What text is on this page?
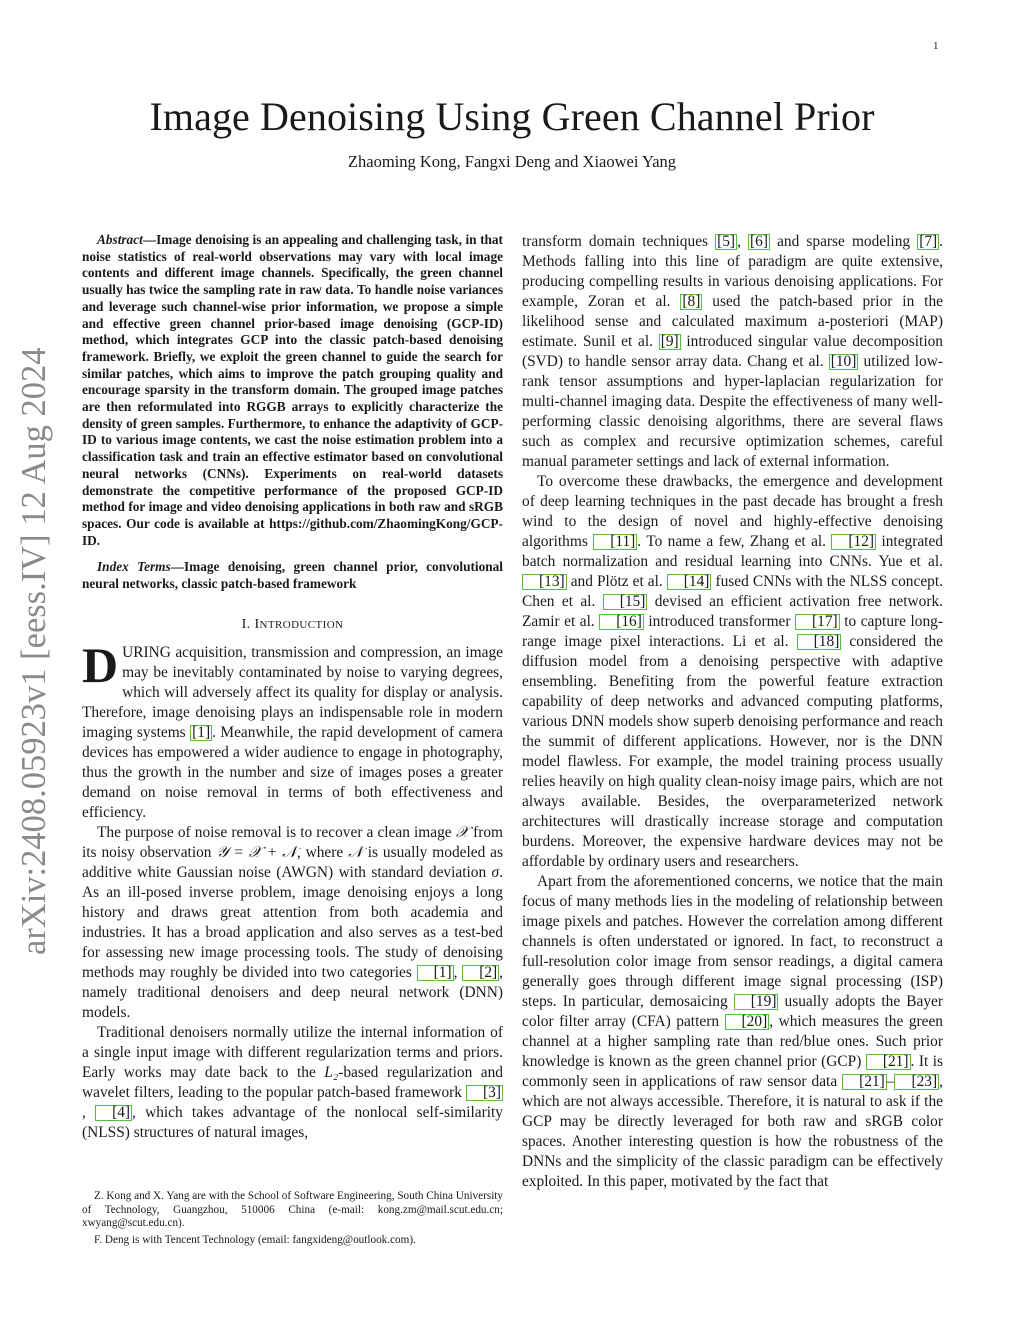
1
Image Denoising Using Green Channel Prior
Zhaoming Kong, Fangxi Deng and Xiaowei Yang
arXiv:2408.05923v1 [eess.IV] 12 Aug 2024

Abstract—Image denoising is an appealing and challenging task, in that noise statistics of real-world observations may vary with local image contents and different image channels. Specifically, the green channel usually has twice the sampling rate in raw data. To handle noise variances and leverage such channel-wise prior information, we propose a simple and effective green channel prior-based image denoising (GCP-ID) method, which integrates GCP into the classic patch-based denoising framework. Briefly, we exploit the green channel to guide the search for similar patches, which aims to improve the patch grouping quality and encourage sparsity in the transform domain. The grouped image patches are then reformulated into RGGB arrays to explicitly characterize the density of green samples. Furthermore, to enhance the adaptivity of GCP-ID to various image contents, we cast the noise estimation problem into a classification task and train an effective estimator based on convolutional neural networks (CNNs). Experiments on real-world datasets demonstrate the competitive performance of the proposed GCP-ID method for image and video denoising applications in both raw and sRGB spaces. Our code is available at https://github.com/ZhaomingKong/GCP-ID.

Index Terms—Image denoising, green channel prior, convolutional neural networks, classic patch-based framework

I. INTRODUCTION

DURING acquisition, transmission and compression, an image may be inevitably contaminated by noise to varying degrees, which will adversely affect its quality for display or analysis. Therefore, image denoising plays an indispensable role in modern imaging systems [1] . Meanwhile, the rapid development of camera devices has empowered a wider audience to engage in photography, thus the growth in the number and size of images poses a greater demand on noise removal in terms of both effectiveness and efficiency.

The purpose of noise removal is to recover a clean image 𝒳 from its noisy observation 𝒴 = 𝒳 + 𝒩, where 𝒩 is usually modeled as additive white Gaussian noise (AWGN) with standard deviation σ. As an ill-posed inverse problem, image denoising enjoys a long history and draws great attention from both academia and industries. It has a broad application and also serves as a test-bed for assessing new image processing tools. The study of denoising methods may roughly be divided into two categories [1] , [2] , namely traditional denoisers and deep neural network (DNN) models.

Traditional denoisers normally utilize the internal information of a single input image with different regularization terms and priors. Early works may date back to the L₂-based regularization and wavelet filters, leading to the popular patch-based framework [3], [4] , which takes advantage of the nonlocal self-similarity (NLSS) structures of natural images,

Z. Kong and X. Yang are with the School of Software Engineering, South China University of Technology, Guangzhou, 510006 China (e-mail: kong.zm@mail.scut.edu.cn; xwyang@scut.edu.cn).

F. Deng is with Tencent Technology (email: fangxideng@outlook.com).

transform domain techniques [5] , [6] and sparse modeling [7] . Methods falling into this line of paradigm are quite extensive, producing compelling results in various denoising applications. For example, Zoran et al. [8] used the patch-based prior in the likelihood sense and calculated maximum a-posteriori (MAP) estimate. Sunil et al. [9] introduced singular value decomposition (SVD) to handle sensor array data. Chang et al. [10] utilized low-rank tensor assumptions and hyper-laplacian regularization for multi-channel imaging data. Despite the effectiveness of many well-performing classic denoising algorithms, there are several flaws such as complex and recursive optimization schemes, careful manual parameter settings and lack of external information.

To overcome these drawbacks, the emergence and development of deep learning techniques in the past decade has brought a fresh wind to the design of novel and highly-effective denoising algorithms [11] . To name a few, Zhang et al. [12] integrated batch normalization and residual learning into CNNs. Yue et al. [13] and Plötz et al. [14] fused CNNs with the NLSS concept. Chen et al. [15] devised an efficient activation free network. Zamir et al. [16] introduced transformer [17] to capture long-range image pixel interactions. Li et al. [18] considered the diffusion model from a denoising perspective with adaptive ensembling. Benefiting from the powerful feature extraction capability of deep networks and advanced computing platforms, various DNN models show superb denoising performance and reach the summit of different applications. However, nor is the DNN model flawless. For example, the model training process usually relies heavily on high quality clean-noisy image pairs, which are not always available. Besides, the overparameterized network architectures will drastically increase storage and computation burdens. Moreover, the expensive hardware devices may not be affordable by ordinary users and researchers.

Apart from the aforementioned concerns, we notice that the main focus of many methods lies in the modeling of relationship between image pixels and patches. However the correlation among different channels is often understated or ignored. In fact, to reconstruct a full-resolution color image from sensor readings, a digital camera generally goes through different image signal processing (ISP) steps. In particular, demosaicing [19] usually adopts the Bayer color filter array (CFA) pattern [20] , which measures the green channel at a higher sampling rate than red/blue ones. Such prior knowledge is known as the green channel prior (GCP) [21] . It is commonly seen in applications of raw sensor data [21] – [23] , which are not always accessible. Therefore, it is natural to ask if the GCP may be directly leveraged for both raw and sRGB color spaces. Another interesting question is how the robustness of the DNNs and the simplicity of the classic paradigm can be effectively exploited. In this paper, motivated by the fact that
